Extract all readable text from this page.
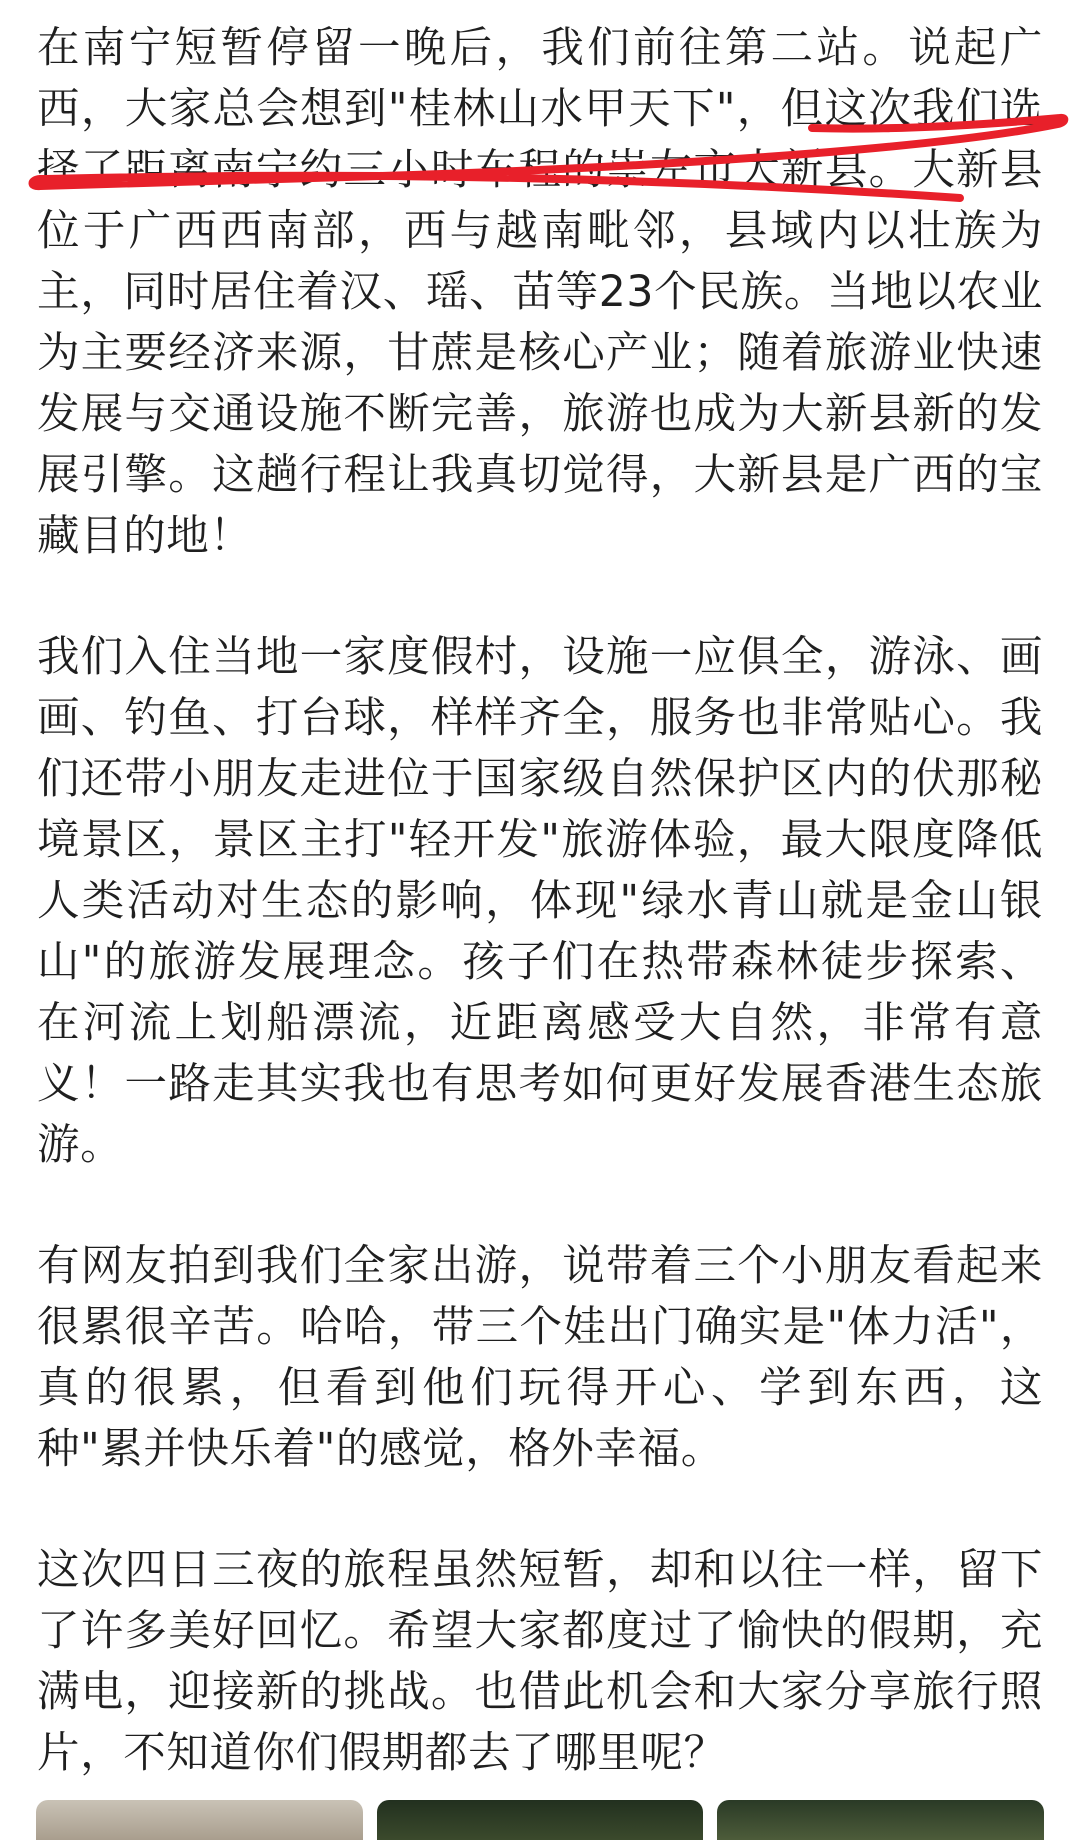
在南宁短暂停留一晚后，我们前往第二站。说起广西，大家总会想到"桂林山水甲天下"，但这次我们选择了距离南宁约三小时车程的崇左市大新县。大新县位于广西西南部，西与越南毗邻，县域内以壮族为主，同时居住着汉、瑶、苗等23个民族。当地以农业为主要经济来源，甘蔗是核心产业；随着旅游业快速发展与交通设施不断完善，旅游也成为大新县新的发展引擎。这趟行程让我真切觉得，大新县是广西的宝藏目的地！

我们入住当地一家度假村，设施一应俱全，游泳、画画、钓鱼、打台球，样样齐全，服务也非常贴心。我们还带小朋友走进位于国家级自然保护区内的伏那秘境景区，景区主打"轻开发"旅游体验，最大限度降低人类活动对生态的影响，体现"绿水青山就是金山银山"的旅游发展理念。孩子们在热带森林徒步探索、在河流上划船漂流，近距离感受大自然，非常有意义！一路走其实我也有思考如何更好发展香港生态旅游。

有网友拍到我们全家出游，说带着三个小朋友看起来很累很辛苦。哈哈，带三个娃出门确实是"体力活"，真的很累，但看到他们玩得开心、学到东西，这种"累并快乐着"的感觉，格外幸福。

这次四日三夜的旅程虽然短暂，却和以往一样，留下了许多美好回忆。希望大家都度过了愉快的假期，充满电，迎接新的挑战。也借此机会和大家分享旅行照片，不知道你们假期都去了哪里呢？
